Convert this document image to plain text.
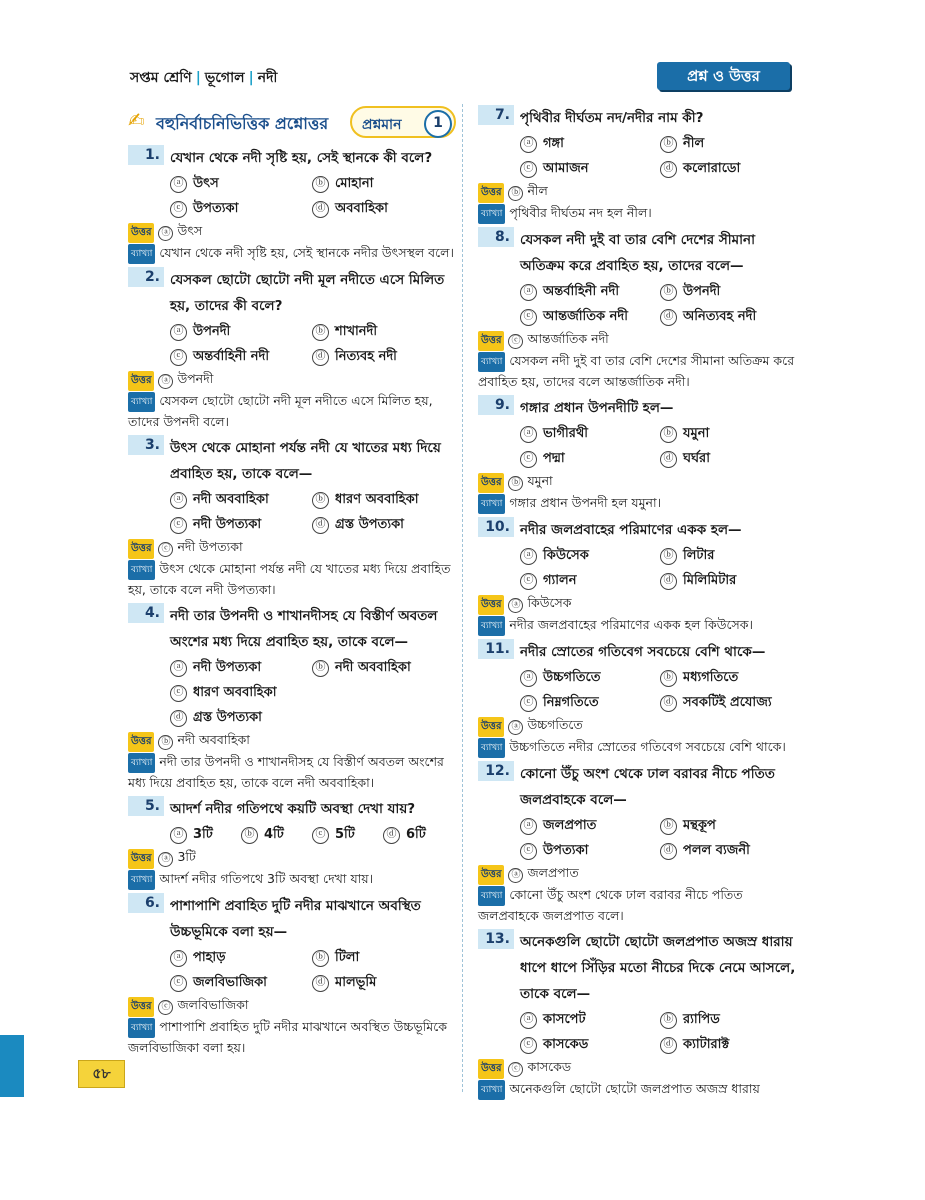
সপ্তম শ্রেণি | ভূগোল | নদী	প্রশ্ন ও উত্তর
✍ বহুনির্বাচনিভিত্তিক প্রশ্নোত্তর প্রশ্নমান	1
1. যেখান থেকে নদী সৃষ্টি হয়, সেই স্থানকে কী বলে?
ⓐ উৎস	ⓑ মোহানা
ⓒ উপত্যকা	ⓓ অববাহিকা
উত্তর ⓐ উৎস
ব্যাখ্যা যেখান থেকে নদী সৃষ্টি হয়, সেই স্থানকে নদীর উৎসস্থল বলে।
2. যেসকল ছোটো ছোটো নদী মূল নদীতে এসে মিলিত হয়, তাদের কী বলে?
ⓐ উপনদী	ⓑ শাখানদী
ⓒ অন্তর্বাহিনী নদী	ⓓ নিত্যবহ নদী
উত্তর ⓐ উপনদী
ব্যাখ্যা যেসকল ছোটো ছোটো নদী মূল নদীতে এসে মিলিত হয়, তাদের উপনদী বলে।
3. উৎস থেকে মোহানা পর্যন্ত নদী যে খাতের মধ্য দিয়ে প্রবাহিত হয়, তাকে বলে—
ⓐ নদী অববাহিকা	ⓑ ধারণ অববাহিকা
ⓒ নদী উপত্যকা	ⓓ গ্রস্ত উপত্যকা
উত্তর ⓒ নদী উপত্যকা
ব্যাখ্যা উৎস থেকে মোহানা পর্যন্ত নদী যে খাতের মধ্য দিয়ে প্রবাহিত হয়, তাকে বলে নদী উপত্যকা।
4. নদী তার উপনদী ও শাখানদীসহ যে বিস্তীর্ণ অবতল অংশের মধ্য দিয়ে প্রবাহিত হয়, তাকে বলে—
ⓐ নদী উপত্যকা	ⓑ নদী অববাহিকা
ⓒ ধারণ অববাহিকা
ⓓ গ্রস্ত উপত্যকা
উত্তর ⓑ নদী অববাহিকা
ব্যাখ্যা নদী তার উপনদী ও শাখানদীসহ যে বিস্তীর্ণ অবতল অংশের মধ্য দিয়ে প্রবাহিত হয়, তাকে বলে নদী অববাহিকা।
5. আদর্শ নদীর গতিপথে কয়টি অবস্থা দেখা যায়?
ⓐ 3টি	ⓑ 4টি	ⓒ 5টি	ⓓ 6টি
উত্তর ⓐ 3টি
ব্যাখ্যা আদর্শ নদীর গতিপথে 3টি অবস্থা দেখা যায়।
6. পাশাপাশি প্রবাহিত দুটি নদীর মাঝখানে অবস্থিত উচ্চভূমিকে বলা হয়—
ⓐ পাহাড়	ⓑ টিলা
ⓒ জলবিভাজিকা	ⓓ মালভূমি
উত্তর ⓒ জলবিভাজিকা
ব্যাখ্যা পাশাপাশি প্রবাহিত দুটি নদীর মাঝখানে অবস্থিত উচ্চভূমিকে জলবিভাজিকা বলা হয়।
7. পৃথিবীর দীর্ঘতম নদ/নদীর নাম কী?
ⓐ গঙ্গা	ⓑ নীল
ⓒ আমাজন	ⓓ কলোরাডো
উত্তর ⓑ নীল
ব্যাখ্যা পৃথিবীর দীর্ঘতম নদ হল নীল।
8. যেসকল নদী দুই বা তার বেশি দেশের সীমানা অতিক্রম করে প্রবাহিত হয়, তাদের বলে—
ⓐ অন্তর্বাহিনী নদী	ⓑ উপনদী
ⓒ আন্তর্জাতিক নদী	ⓓ অনিত্যবহ নদী
উত্তর ⓒ আন্তর্জাতিক নদী
ব্যাখ্যা যেসকল নদী দুই বা তার বেশি দেশের সীমানা অতিক্রম করে প্রবাহিত হয়, তাদের বলে আন্তর্জাতিক নদী।
9. গঙ্গার প্রধান উপনদীটি হল—
ⓐ ভাগীরথী	ⓑ যমুনা
ⓒ পদ্মা	ⓓ ঘর্ঘরা
উত্তর ⓑ যমুনা
ব্যাখ্যা গঙ্গার প্রধান উপনদী হল যমুনা।
10. নদীর জলপ্রবাহের পরিমাণের একক হল—
ⓐ কিউসেক	ⓑ লিটার
ⓒ গ্যালন	ⓓ মিলিমিটার
উত্তর ⓐ কিউসেক
ব্যাখ্যা নদীর জলপ্রবাহের পরিমাণের একক হল কিউসেক।
11. নদীর স্রোতের গতিবেগ সবচেয়ে বেশি থাকে—
ⓐ উচ্চগতিতে	ⓑ মধ্যগতিতে
ⓒ নিম্নগতিতে	ⓓ সবকটিই প্রযোজ্য
উত্তর ⓐ উচ্চগতিতে
ব্যাখ্যা উচ্চগতিতে নদীর স্রোতের গতিবেগ সবচেয়ে বেশি থাকে।
12. কোনো উঁচু অংশ থেকে ঢাল বরাবর নীচে পতিত জলপ্রবাহকে বলে—
ⓐ জলপ্রপাত	ⓑ মন্থকূপ
ⓒ উপত্যকা	ⓓ পলল ব্যজনী
উত্তর ⓐ জলপ্রপাত
ব্যাখ্যা কোনো উঁচু অংশ থেকে ঢাল বরাবর নীচে পতিত জলপ্রবাহকে জলপ্রপাত বলে।
13. অনেকগুলি ছোটো ছোটো জলপ্রপাত অজস্র ধারায় ধাপে ধাপে সিঁড়ির মতো নীচের দিকে নেমে আসলে, তাকে বলে—
ⓐ কাসপেট	ⓑ র‍্যাপিড
ⓒ কাসকেড	ⓓ ক্যাটারাক্ট
উত্তর ⓒ কাসকেড
ব্যাখ্যা অনেকগুলি ছোটো ছোটো জলপ্রপাত অজস্র ধারায়
৫৮
